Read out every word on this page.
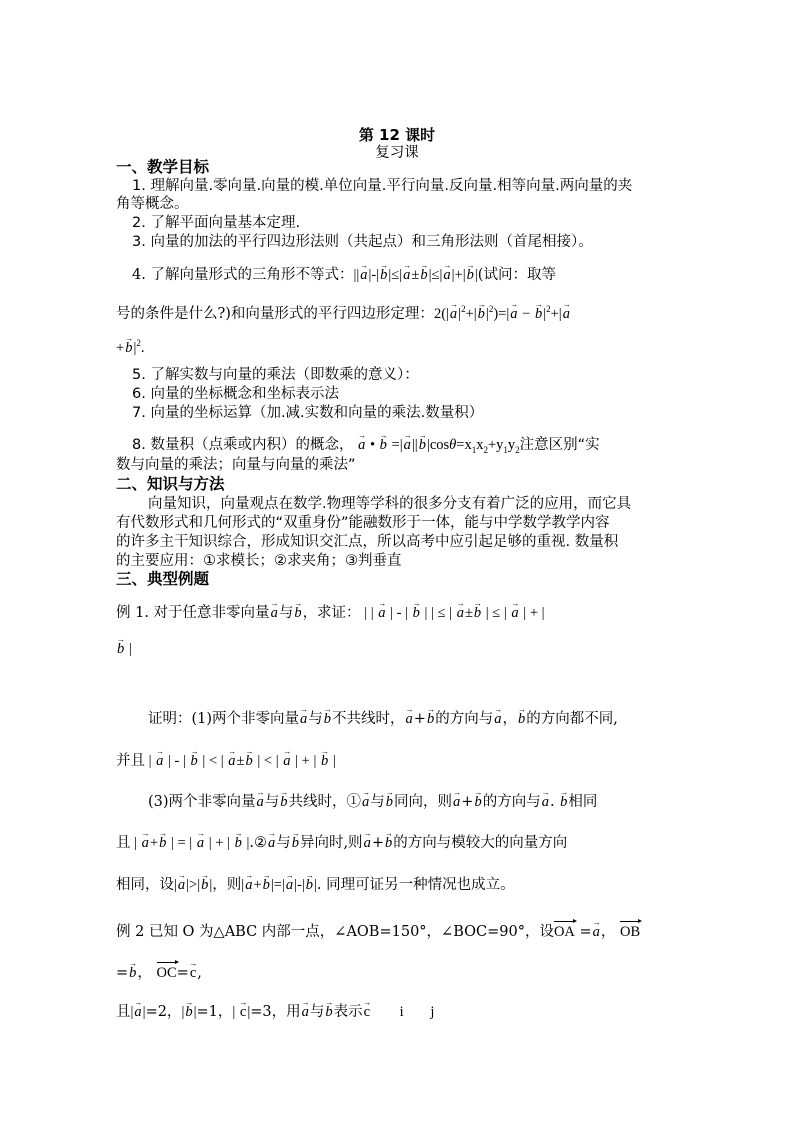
第 12 课时
复习课
一、教学目标
1. 理解向量.零向量.向量的模.单位向量.平行向量.反向量.相等向量.两向量的夹
角等概念。
2. 了解平面向量基本定理.
3. 向量的加法的平行四边形法则（共起点）和三角形法则（首尾相接）。
4. 了解向量形式的三角形不等式：||→ a|-|→ b|≤|→ a±→ b|≤|→ a|+|→ b|(试问：取等
号的条件是什么?)和向量形式的平行四边形定理：$2(|\to a|^2+|\to b|^2)=|\to a$ − → $b|^2+|\to a$
+→ $b|^2$.
5. 了解实数与向量的乘法（即数乘的意义）：
6. 向量的坐标概念和坐标表示法
7. 向量的坐标运算（加.减.实数和向量的乘法.数量积）
8. 数量积（点乘或内积）的概念， → a • → b =|→ $a||\to b|\cos\theta=x_1x_2+y_1y_2$注意区别“实
数与向量的乘法；向量与向量的乘法”
二、知识与方法
向量知识，向量观点在数学.物理等学科的很多分支有着广泛的应用，而它具
有代数形式和几何形式的“双重身份”能融数形于一体，能与中学数学教学内容
的许多主干知识综合，形成知识交汇点，所以高考中应引起足够的重视. 数量积
的主要应用：①求模长；②求夹角；③判垂直
三、典型例题
例 1. 对于任意非零向量→ a与→ b，求证： | | → a | - | → b | | ≤ | → a±→ b | ≤ | → a | + |
→ b |
证明：(1)两个非零向量→ a与→ b不共线时，→ a+→ b的方向与→ a，→ b的方向都不同,
并且 | → a | - | → b | < | → a±→ b | < | → a | + | → b |
(3)两个非零向量→ a与→ b共线时，①→ a与→ b同向，则→ a+→ b的方向与→ a. → b相同
且 | → a+→ b | = | → a | + | → b |.②→ a与→ b异向时,则→ a+→ b的方向与模较大的向量方向
相同，设|→ a|>|→ b|，则|→ a+→ b|=|→ a|-|→ b|. 同理可证另一种情况也成立。
例 2 已知 O 为△ABC 内部一点，∠AOB=150°，∠BOC=90°，设OA =→ a， OB
=→ b， OC=→ c,
且|→ a|=2，|→ b|=1，| → c|=3，用→ a与→ b表示→ c i j
